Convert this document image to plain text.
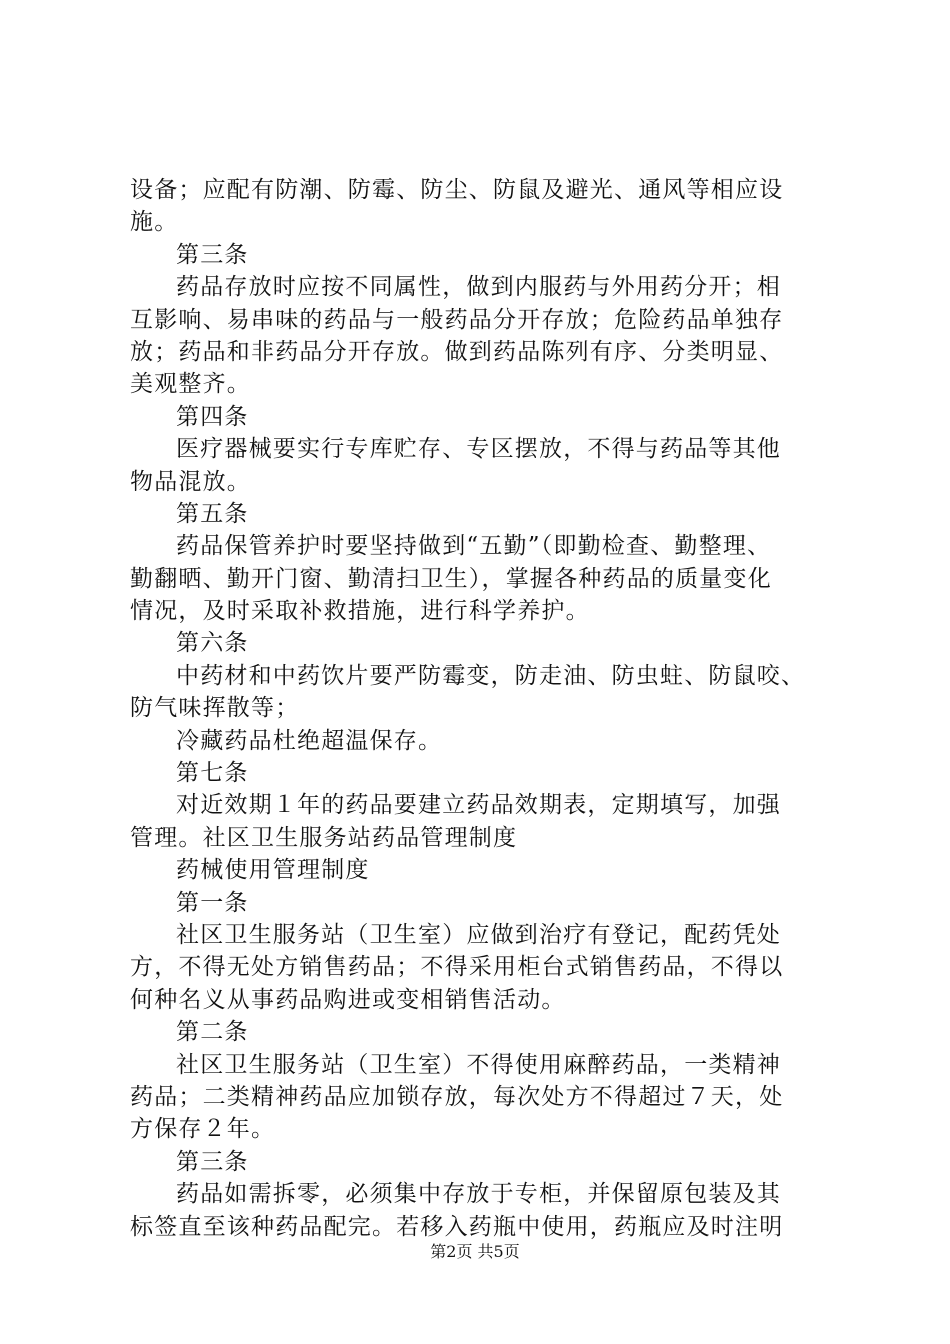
设备；应配有防潮、防霉、防尘、防鼠及避光、通风等相应设
施。
第三条
药品存放时应按不同属性，做到内服药与外用药分开；相
互影响、易串味的药品与一般药品分开存放；危险药品单独存
放；药品和非药品分开存放。做到药品陈列有序、分类明显、
美观整齐。
第四条
医疗器械要实行专库贮存、专区摆放，不得与药品等其他
物品混放。
第五条
药品保管养护时要坚持做到“五勤”（即勤检查、勤整理、
勤翻晒、勤开门窗、勤清扫卫生），掌握各种药品的质量变化
情况，及时采取补救措施，进行科学养护。
第六条
中药材和中药饮片要严防霉变，防走油、防虫蛀、防鼠咬、
防气味挥散等；
冷藏药品杜绝超温保存。
第七条
对近效期１年的药品要建立药品效期表，定期填写，加强
管理。社区卫生服务站药品管理制度
药械使用管理制度
第一条
社区卫生服务站（卫生室）应做到治疗有登记，配药凭处
方，不得无处方销售药品；不得采用柜台式销售药品，不得以
何种名义从事药品购进或变相销售活动。
第二条
社区卫生服务站（卫生室）不得使用麻醉药品，一类精神
药品；二类精神药品应加锁存放，每次处方不得超过７天，处
方保存２年。
第三条
药品如需拆零，必须集中存放于专柜，并保留原包装及其
标签直至该种药品配完。若移入药瓶中使用，药瓶应及时注明
第2页 共5页
